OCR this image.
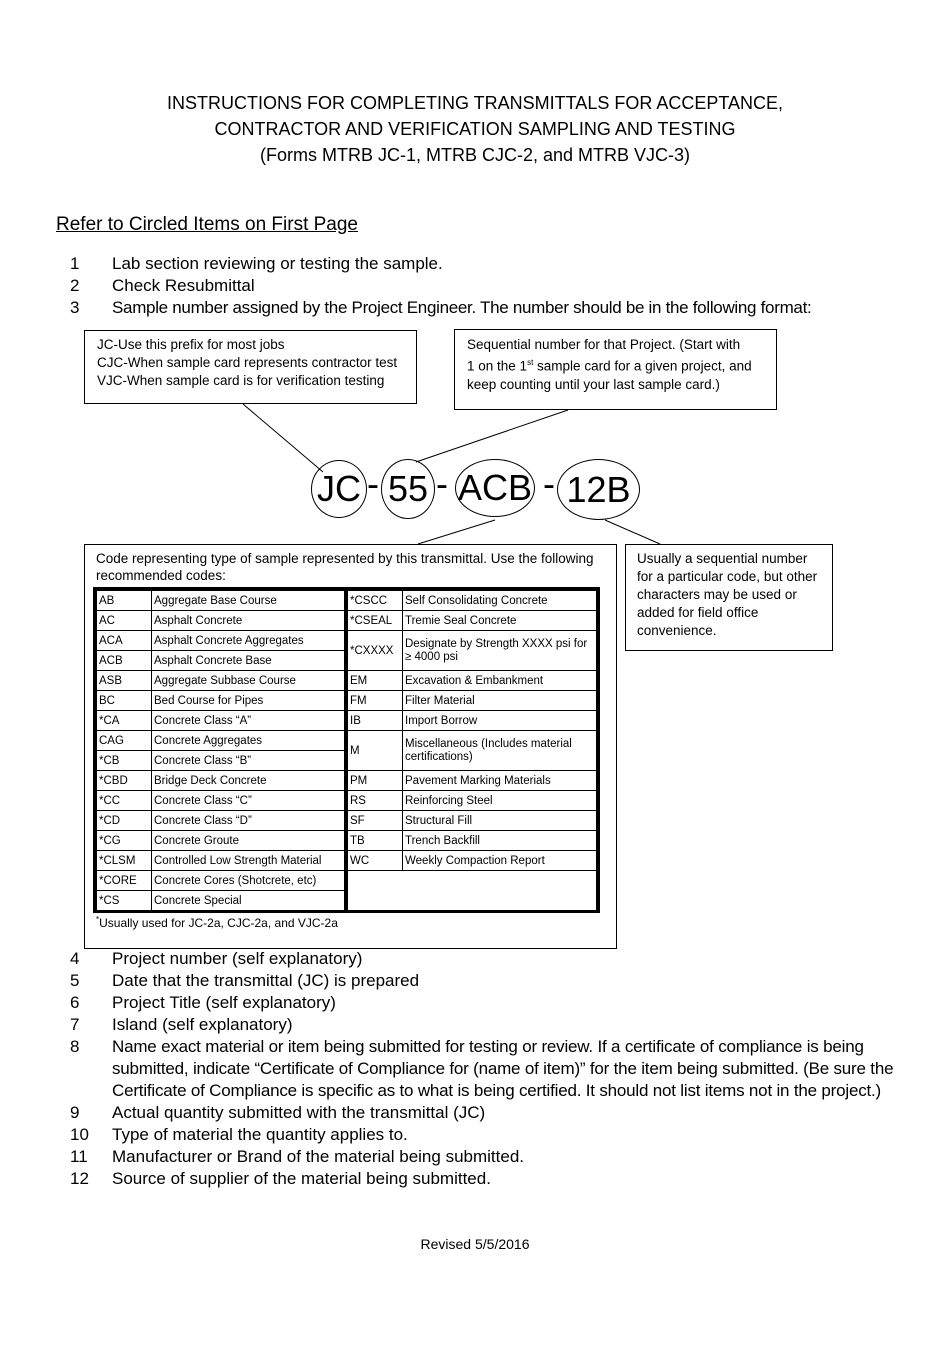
INSTRUCTIONS FOR COMPLETING TRANSMITTALS FOR ACCEPTANCE,
CONTRACTOR AND VERIFICATION SAMPLING AND TESTING
(Forms MTRB JC-1, MTRB CJC-2, and MTRB VJC-3)
Refer to Circled Items on First Page
1	Lab section reviewing or testing the sample.
2	Check Resubmittal
3	Sample number assigned by the Project Engineer. The number should be in the following format:
JC-Use this prefix for most jobs
CJC-When sample card represents contractor test
VJC-When sample card is for verification testing
Sequential number for that Project. (Start with
1 on the 1st sample card for a given project, and
keep counting until your last sample card.)
JC - 55 - ACB - 12B
Usually a sequential number for a particular code, but other characters may be used or added for field office convenience.
Code representing type of sample represented by this transmittal. Use the following recommended codes:
AB	Aggregate Base Course
AC	Asphalt Concrete
ACA	Asphalt Concrete Aggregates
ACB	Asphalt Concrete Base
ASB	Aggregate Subbase Course
BC	Bed Course for Pipes
*CA	Concrete Class “A”
CAG	Concrete Aggregates
*CB	Concrete Class “B”
*CBD	Bridge Deck Concrete
*CC	Concrete Class “C”
*CD	Concrete Class “D”
*CG	Concrete Groute
*CLSM	Controlled Low Strength Material
*CORE	Concrete Cores (Shotcrete, etc)
*CS	Concrete Special
*CSCC	Self Consolidating Concrete
*CSEAL	Tremie Seal Concrete
*CXXXX	Designate by Strength XXXX psi for
≥ 4000 psi

EM	Excavation & Embankment
FM	Filter Material
IB	Import Borrow
M	Miscellaneous (Includes material certifications)
PM	Pavement Marking Materials
RS	Reinforcing Steel
SF	Structural Fill
TB	Trench Backfill
WC	Weekly Compaction Report

*Usually used for JC-2a, CJC-2a, and VJC-2a
4	Project number (self explanatory)
5	Date that the transmittal (JC) is prepared
6	Project Title (self explanatory)
7	Island (self explanatory)
8	Name exact material or item being submitted for testing or review. If a certificate of compliance is being submitted, indicate “Certificate of Compliance for (name of item)” for the item being submitted. (Be sure the Certificate of Compliance is specific as to what is being certified. It should not list items not in the project.)
9	Actual quantity submitted with the transmittal (JC)
10	Type of material the quantity applies to.
11	Manufacturer or Brand of the material being submitted.
12	Source of supplier of the material being submitted.
Revised 5/5/2016
